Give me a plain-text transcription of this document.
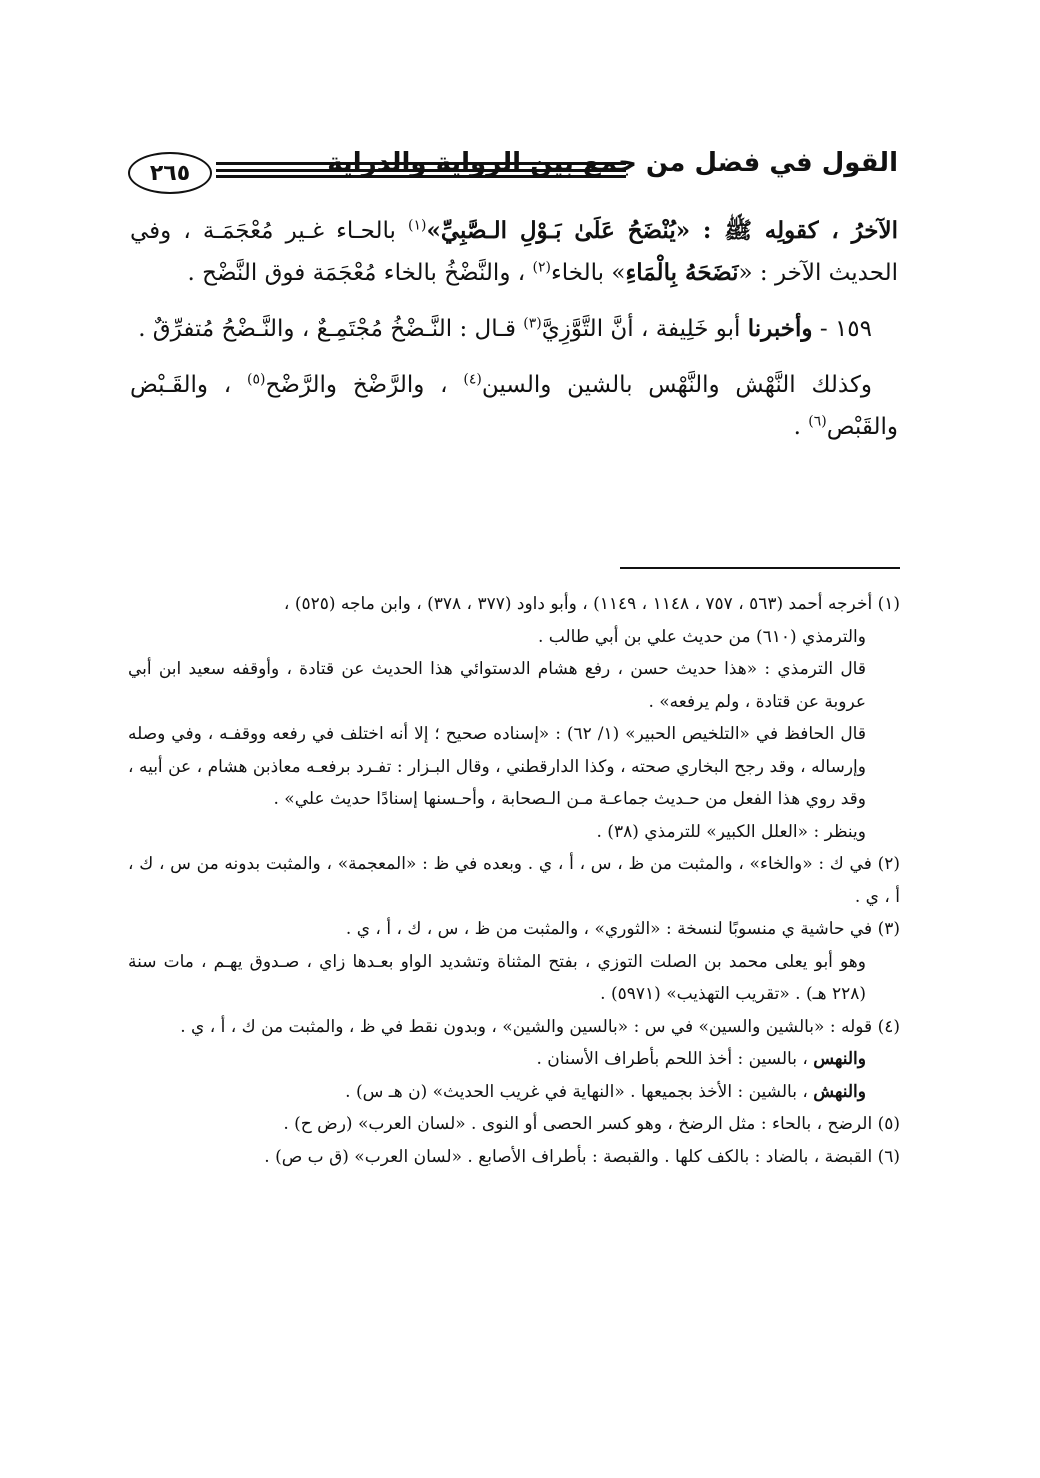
٢٦٥	القول في فضل من جمع بين الرواية والدراية

الآخرُ ، كقولِه ﷺ : «يُنْضَحُ عَلَىٰ بَـوْلِ الـصَّبِيِّ»$^{(١)}$ بالحـاء غـير مُعْجَمَـة ، وفي الحديث الآخر : «نَضَحَهُ بِالْمَاءِ» بالخاء$^{(٢)}$ ، والنَّضْخُ بالخاء مُعْجَمَة فوق النَّضْح .

١٥٩ - وأخبرنا أبو خَلِيفة ، أنَّ التَّوَّزِيَّ$^{(٣)}$ قـال : النَّـضْخُ مُجْتَمِـعٌ ، والنَّـضْحُ مُتفرِّقٌ .

وكذلك النَّهْش والنَّهْس بالشين والسين$^{(٤)}$ ، والرَّضْخ والرَّضْح$^{(٥)}$ ، والقَـبْض والقَبْص$^{(٦)}$ .

(١) أخرجه أحمد (٥٦٣ ، ٧٥٧ ، ١١٤٨ ، ١١٤٩) ، وأبو داود (٣٧٧ ، ٣٧٨) ، وابن ماجه (٥٢٥) ،

والترمذي (٦١٠) من حديث علي بن أبي طالب .

قال الترمذي : «هذا حديث حسن ، رفع هشام الدستوائي هذا الحديث عن قتادة ، وأوقفه سعيد ابن أبي عروبة عن قتادة ، ولم يرفعه» .

قال الحافظ في «التلخيص الحبير» (١/ ٦٢) : «إسناده صحيح ؛ إلا أنه اختلف في رفعه ووقفـه ، وفي وصله وإرساله ، وقد رجح البخاري صحته ، وكذا الدارقطني ، وقال البـزار : تفـرد برفعـه معاذبن هشام ، عن أبيه ، وقد روي هذا الفعل من حـديث جماعـة مـن الـصحابة ، وأحـسنها إسنادًا حديث علي» .

وينظر : «العلل الكبير» للترمذي (٣٨) .

(٢) في ك : «والخاء» ، والمثبت من ظ ، س ، أ ، ي . وبعده في ظ : «المعجمة» ، والمثبت بدونه من س ، ك ، أ ، ي .

(٣) في حاشية ي منسوبًا لنسخة : «الثوري» ، والمثبت من ظ ، س ، ك ، أ ، ي .

وهو أبو يعلى محمد بن الصلت التوزي ، بفتح المثناة وتشديد الواو بعـدها زاي ، صـدوق يهـم ، مات سنة (٢٢٨ هـ) . «تقريب التهذيب» (٥٩٧١) .

(٤) قوله : «بالشين والسين» في س : «بالسين والشين» ، وبدون نقط في ظ ، والمثبت من ك ، أ ، ي .

والنهس ، بالسين : أخذ اللحم بأطراف الأسنان .

والنهش ، بالشين : الأخذ بجميعها . «النهاية في غريب الحديث» (ن هـ س) .

(٥) الرضح ، بالحاء : مثل الرضخ ، وهو كسر الحصى أو النوى . «لسان العرب» (رض ح) .

(٦) القبضة ، بالضاد : بالكف كلها . والقبصة : بأطراف الأصابع . «لسان العرب» (ق ب ص) .
